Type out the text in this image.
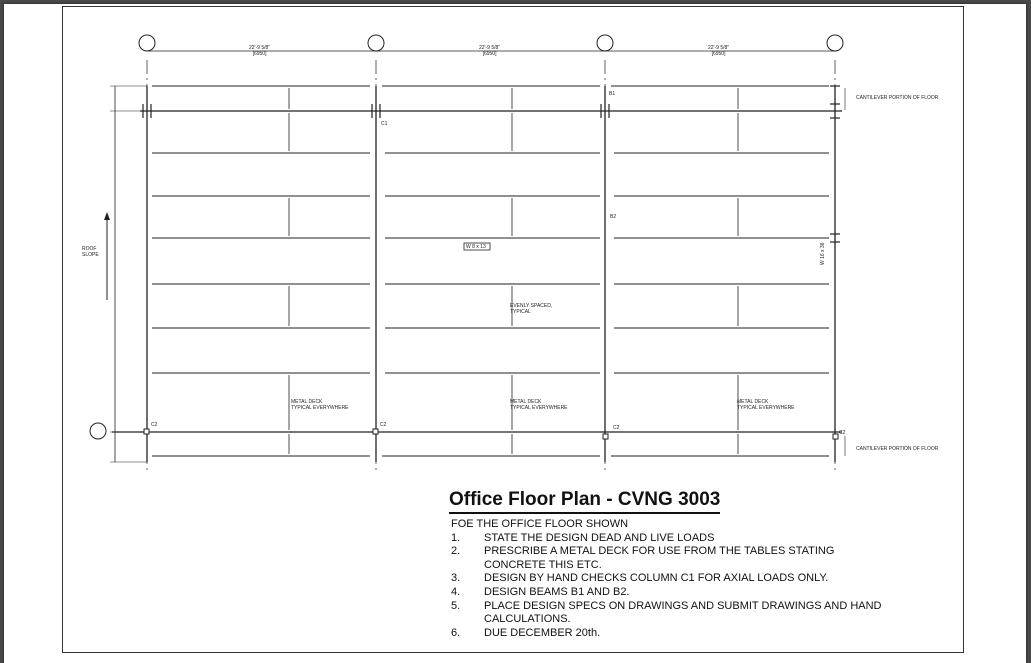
22'-9 5/8"
[6950]
22'-9 5/8"
[6950]
22'-9 5/8"
[6950]
CANTILEVER PORTION OF FLOOR
CANTILEVER PORTION OF FLOOR
ROOF
SLOPE
B1
B2
C1
C2	C2	C2
C2
W 8 x 13	W 16 x 36
EVENLY SPACED,
TYPICAL
METAL DECK
TYPICAL EVERYWHERE
METAL DECK
TYPICAL EVERYWHERE
METAL DECK
TYPICAL EVERYWHERE
Office Floor Plan - CVNG 3003

FOE THE OFFICE FLOOR SHOWN

1. STATE THE DESIGN DEAD AND LIVE LOADS
2. PRESCRIBE A METAL DECK FOR USE FROM THE TABLES STATING CONCRETE THIS ETC.
3. DESIGN BY HAND CHECKS COLUMN C1 FOR AXIAL LOADS ONLY.
4. DESIGN BEAMS B1 AND B2.
5. PLACE DESIGN SPECS ON DRAWINGS AND SUBMIT DRAWINGS AND HAND CALCULATIONS.
6. DUE DECEMBER 20th.
